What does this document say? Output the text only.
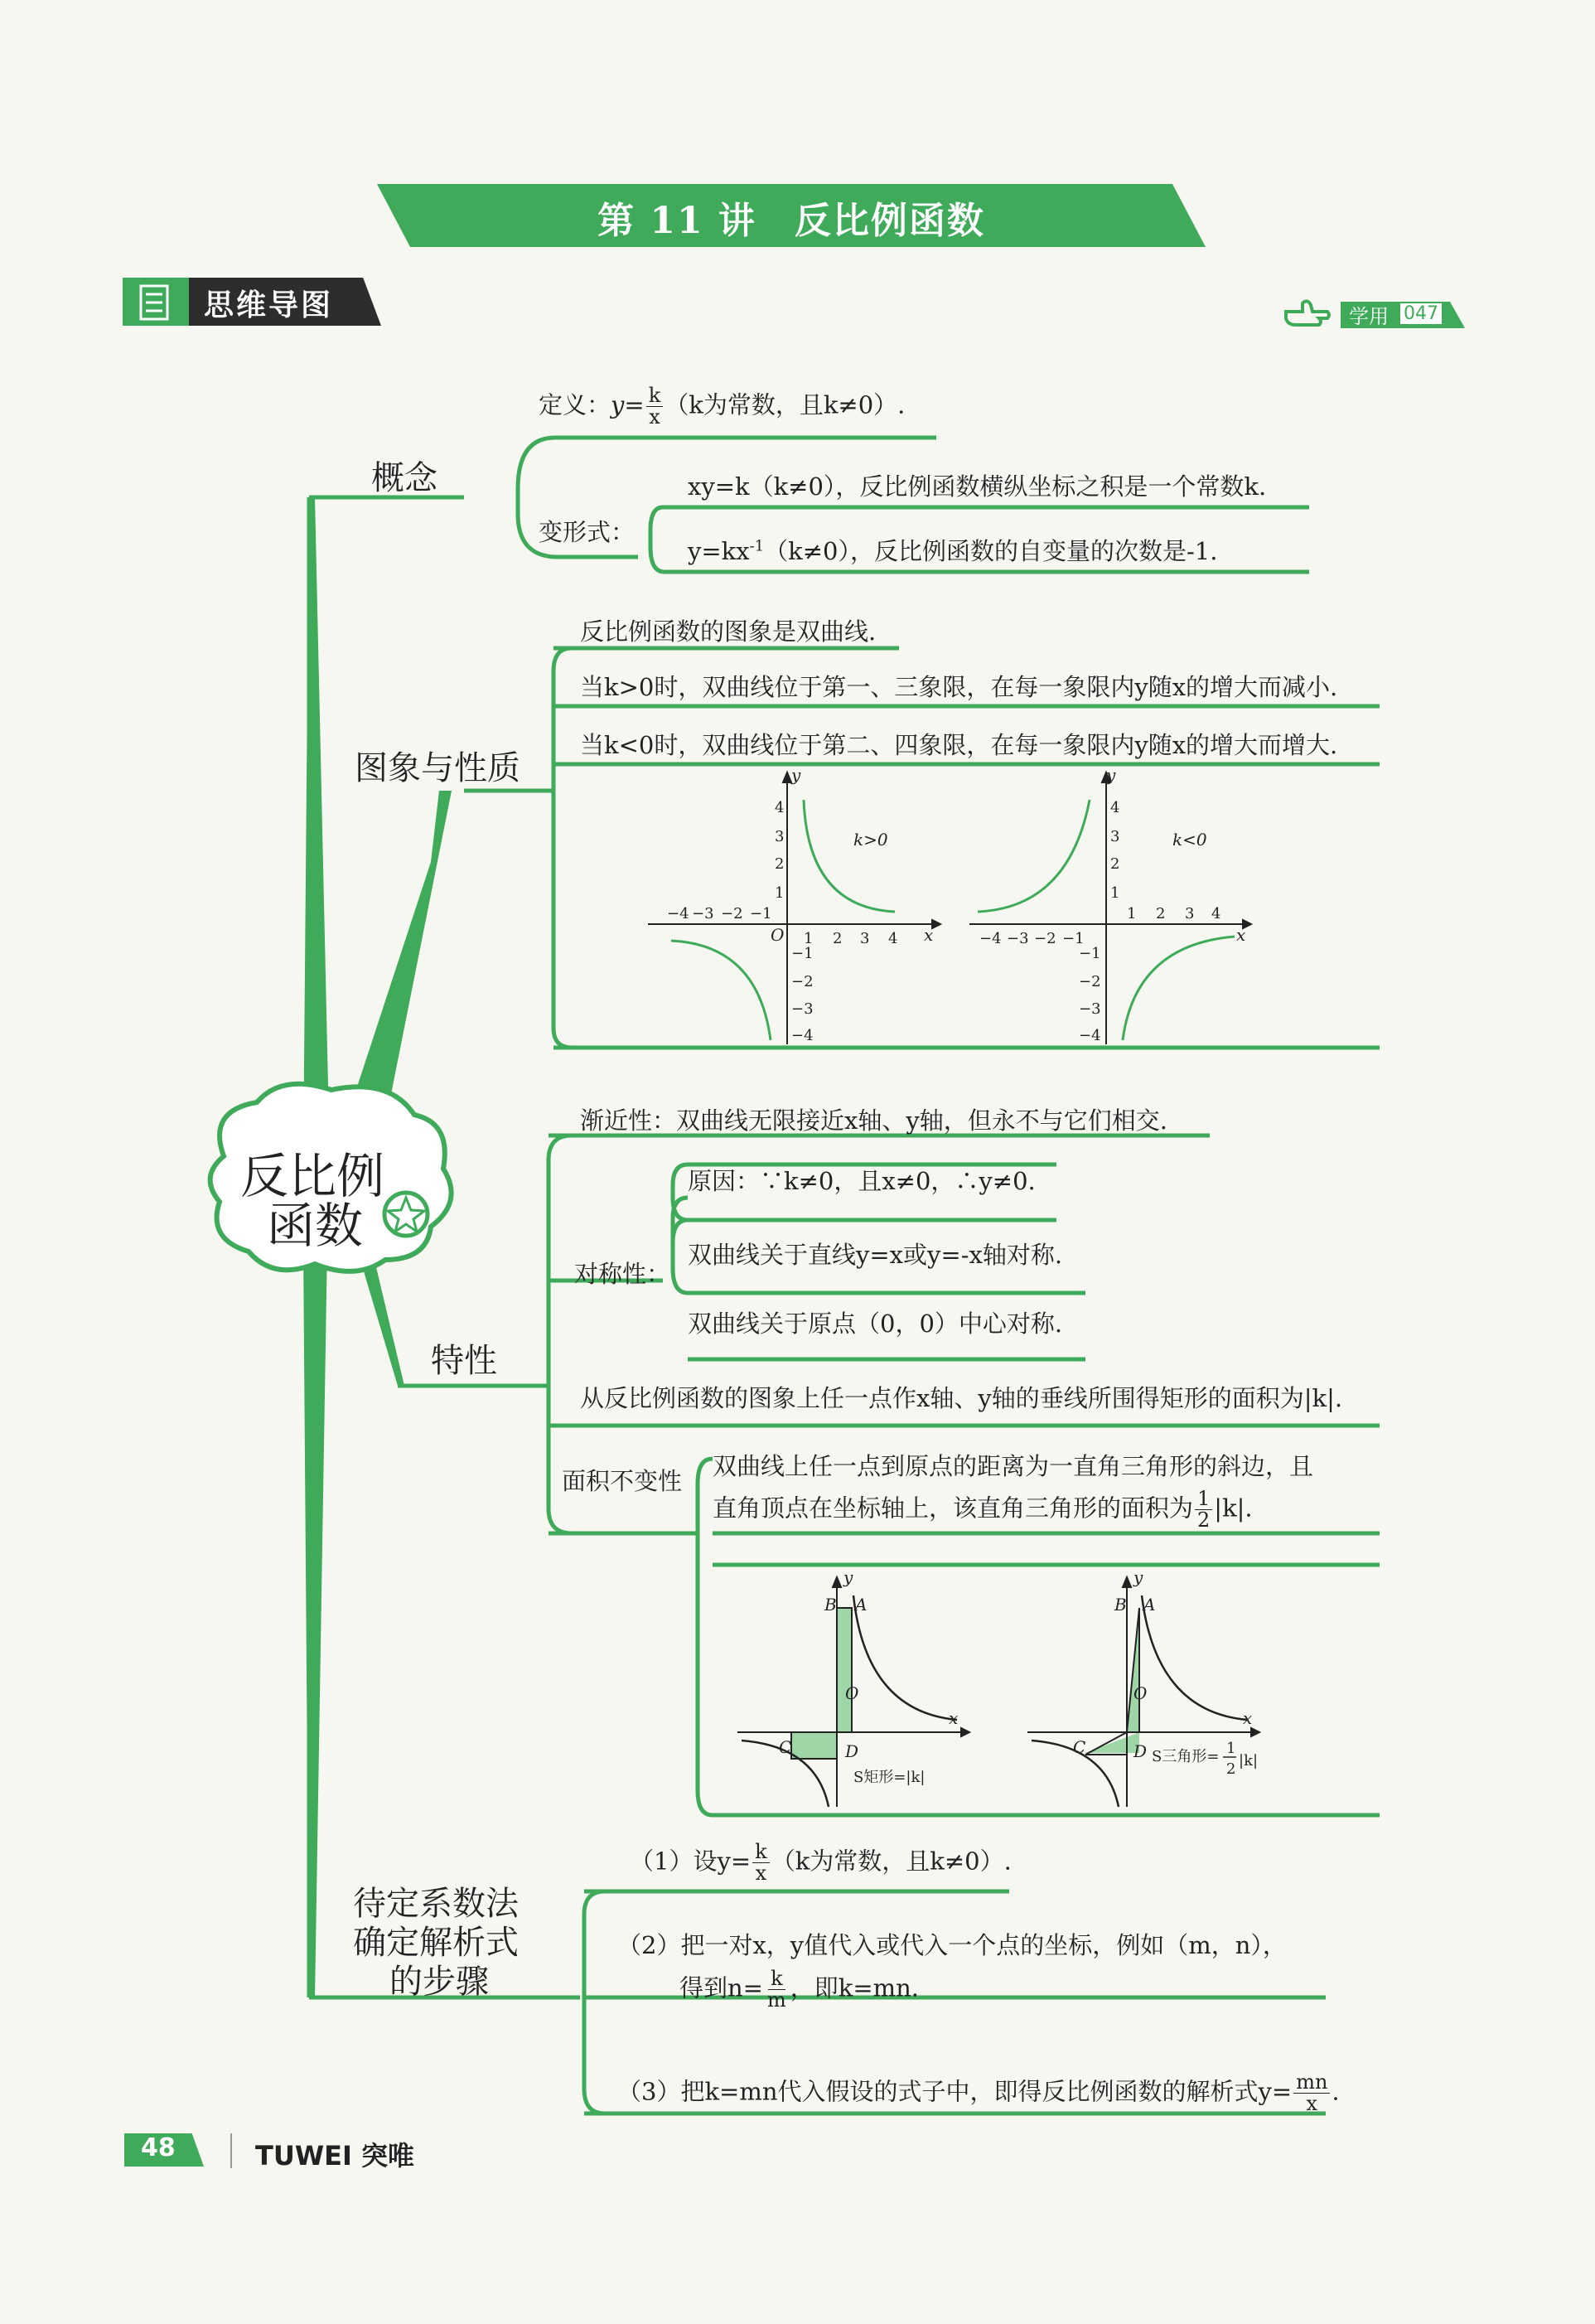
第 11 讲　反比例函数
思维导图	学用 047
反比例
函数
概念
图象与性质
特性
待定系数法
确定解析式
的步骤
定义：$y= \frac{k}{x} (k$为常数，且k≠0）.
xy=k（k≠0），反比例函数横纵坐标之积是一个常数k.
变形式：
$y=kx^{-1}(k\ne 0)$，反比例函数的自变量的次数是-1.
反比例函数的图象是双曲线.
当k>0时，双曲线位于第一、三象限，在每一象限内y随x的增大而减小.
当k<0时，双曲线位于第二、四象限，在每一象限内y随x的增大而增大.
y
x
O
y
x
k>0	k<0
4
3
2
1
1 2 3 4
−4 −3 −2 −1
−1
−2
−3
−4
4
3
2
1
1 2 3 4
−4 −3 −2 −1
−1
−2
−3
−4
渐近性：双曲线无限接近x轴、y轴，但永不与它们相交.
原因：∵k≠0，且x≠0，∴y≠0.
对称性：
双曲线关于直线y=x或y=-x轴对称.
双曲线关于原点（0，0）中心对称.
从反比例函数的图象上任一点作x轴、y轴的垂线所围得矩形的面积为|k|.
面积不变性
双曲线上任一点到原点的距离为一直角三角形的斜边，且
直角顶点在坐标轴上，该直角三角形的面积为 $\frac{1}{2} |k|$.
B A
O
C	D
x
y
S矩形=|k|
B A
O
C	D
x
y
S三角形= 1
2 |k|
（1）设$y= \frac{k}{x} (k$为常数，且k≠0）.
（2）把一对x，y值代入或代入一个点的坐标，例如（m，n），
得到$n= \frac{k}{m}$ ，即k=mn.
（3）把k=mn代入假设的式子中，即得反比例函数的解析式$y= \frac{mn}{x}$ .
48	TUWEI 突唯
